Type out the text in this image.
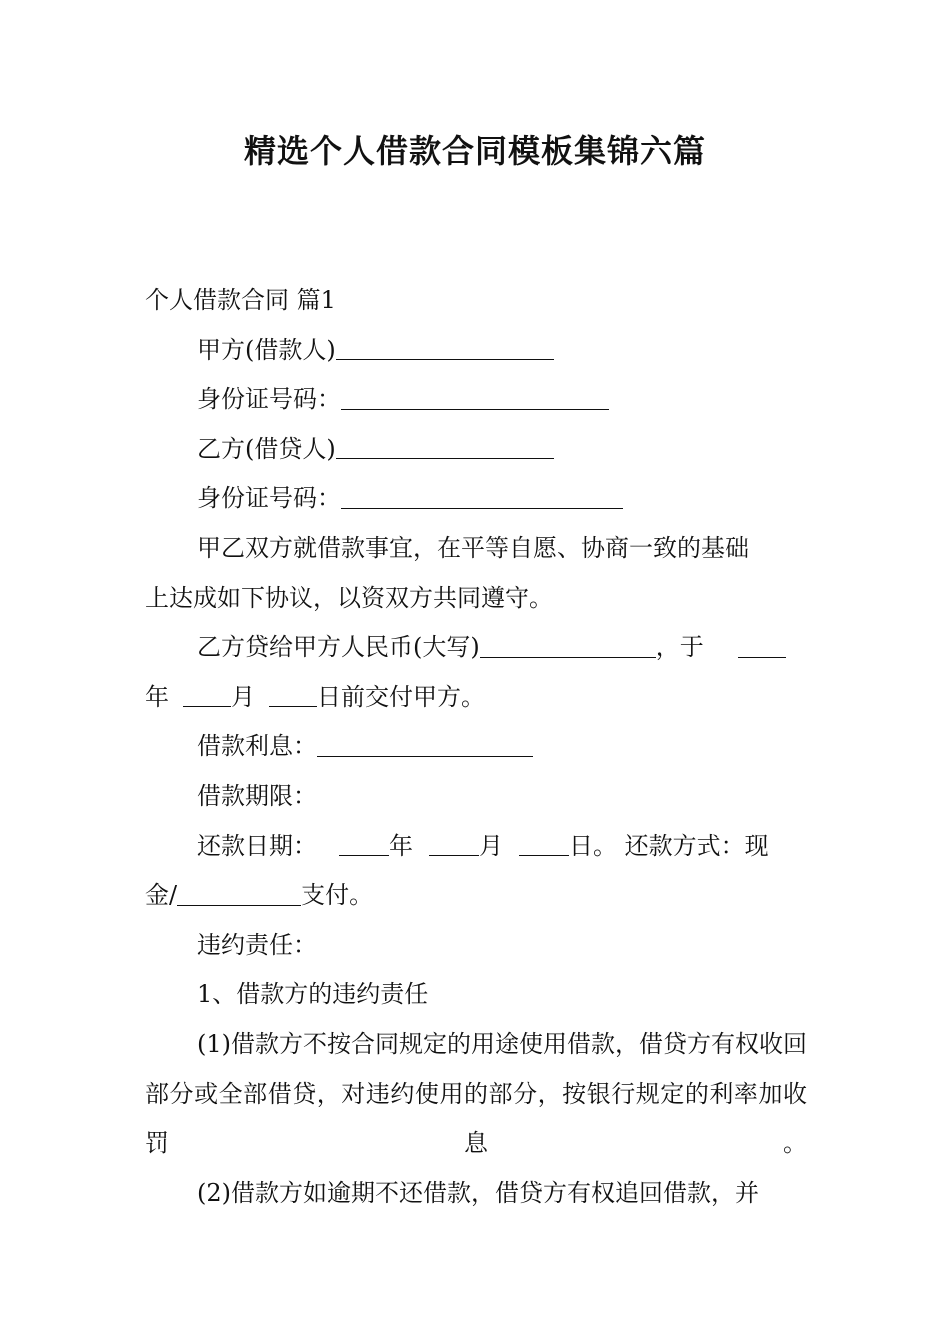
精选个人借款合同模板集锦六篇

个人借款合同 篇1

甲方(借款人)

身份证号码：

乙方(借贷人)

身份证号码：

甲乙双方就借款事宜，在平等自愿、协商一致的基础

上达成如下协议，以资双方共同遵守。

乙方贷给甲方人民币(大写)	，于

年	月	日前交付甲方。

借款利息：

借款期限：

还款日期：	年	月	日。 还款方式：现

金/	支付。

违约责任：

1、借款方的违约责任

(1)借款方不按合同规定的用途使用借款，借贷方有权收回部分或全部借贷，对违约使用的部分，按银行规定的利率加收罚息。

(2)借款方如逾期不还借款，借贷方有权追回借款，并
